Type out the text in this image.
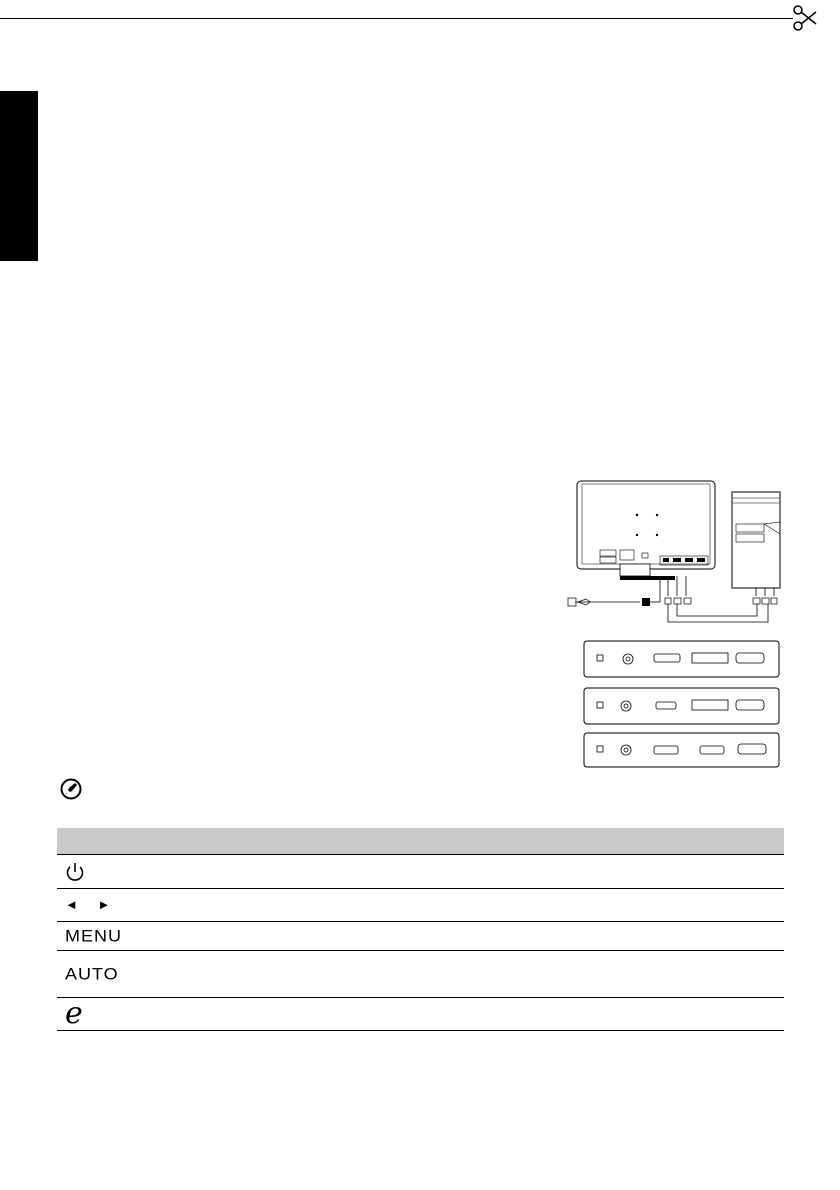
◄ ►
MENU
AUTO
e
